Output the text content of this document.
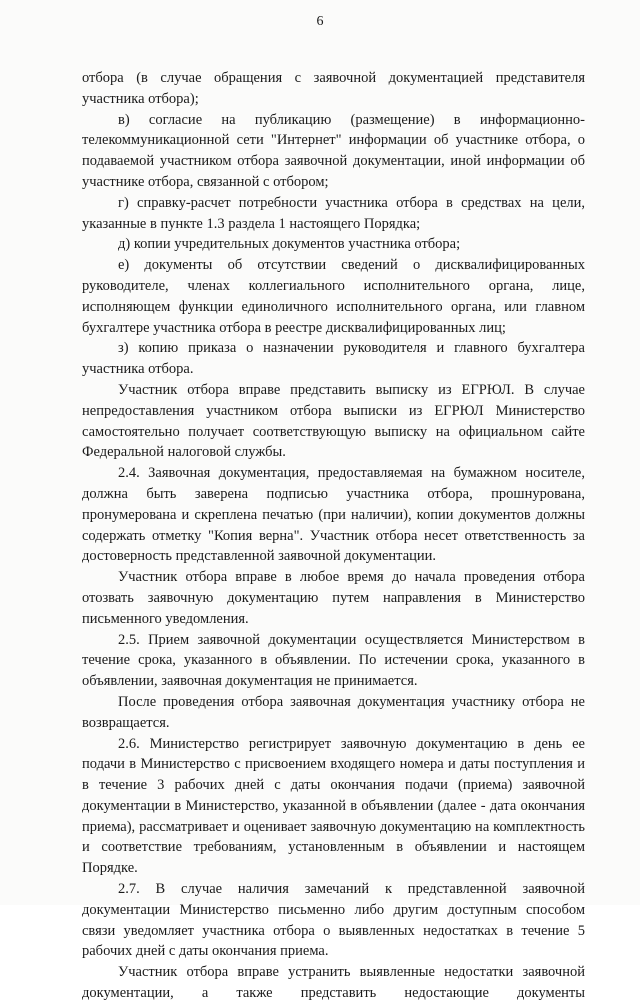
6

отбора (в случае обращения с заявочной документацией представителя участника отбора);

в) согласие на публикацию (размещение) в информационно-телекоммуникационной сети "Интернет" информации об участнике отбора, о подаваемой участником отбора заявочной документации, иной информации об участнике отбора, связанной с отбором;

г) справку-расчет потребности участника отбора в средствах на цели, указанные в пункте 1.3 раздела 1 настоящего Порядка;

д) копии учредительных документов участника отбора;

е) документы об отсутствии сведений о дисквалифицированных руководителе, членах коллегиального исполнительного органа, лице, исполняющем функции единоличного исполнительного органа, или главном бухгалтере участника отбора в реестре дисквалифицированных лиц;

з) копию приказа о назначении руководителя и главного бухгалтера участника отбора.

Участник отбора вправе представить выписку из ЕГРЮЛ. В случае непредоставления участником отбора выписки из ЕГРЮЛ Министерство самостоятельно получает соответствующую выписку на официальном сайте Федеральной налоговой службы.

2.4. Заявочная документация, предоставляемая на бумажном носителе, должна быть заверена подписью участника отбора, прошнурована, пронумерована и скреплена печатью (при наличии), копии документов должны содержать отметку "Копия верна". Участник отбора несет ответственность за достоверность представленной заявочной документации.

Участник отбора вправе в любое время до начала проведения отбора отозвать заявочную документацию путем направления в Министерство письменного уведомления.

2.5. Прием заявочной документации осуществляется Министерством в течение срока, указанного в объявлении. По истечении срока, указанного в объявлении, заявочная документация не принимается.

После проведения отбора заявочная документация участнику отбора не возвращается.

2.6. Министерство регистрирует заявочную документацию в день ее подачи в Министерство с присвоением входящего номера и даты поступления и в течение 3 рабочих дней с даты окончания подачи (приема) заявочной документации в Министерство, указанной в объявлении (далее - дата окончания приема), рассматривает и оценивает заявочную документацию на комплектность и соответствие требованиям, установленным в объявлении и настоящем Порядке.

2.7. В случае наличия замечаний к представленной заявочной документации Министерство письменно либо другим доступным способом связи уведомляет участника отбора о выявленных недостатках в течение 5 рабочих дней с даты окончания приема.

Участник отбора вправе устранить выявленные недостатки заявочной документации, а также представить недостающие документы
